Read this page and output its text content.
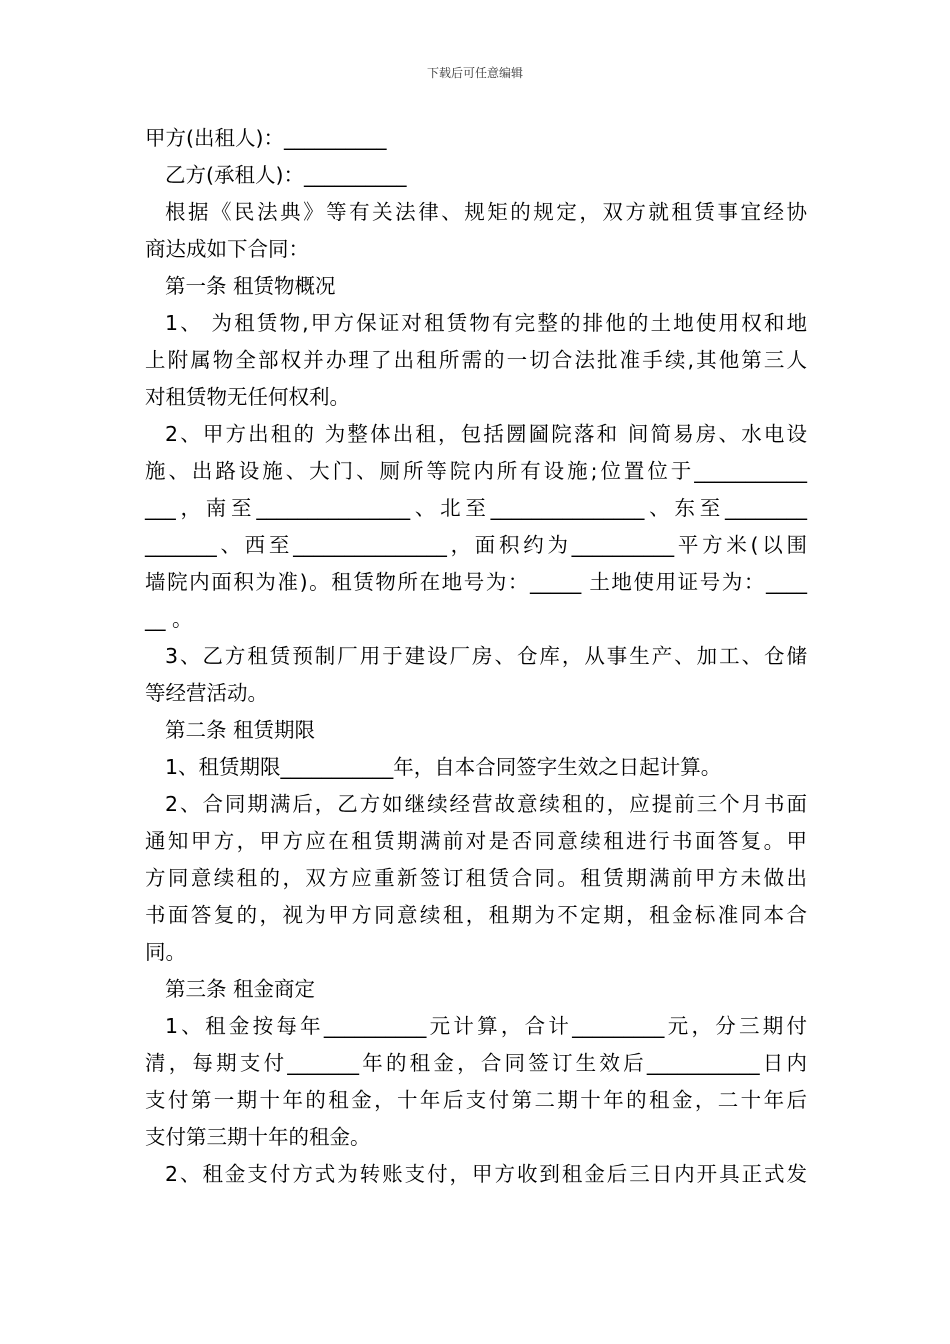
下载后可任意编辑
甲方(出租人)：__________
乙方(承租人)：__________
根据《民法典》等有关法律、规矩的规定，双方就租赁事宜经协
商达成如下合同：
第一条 租赁物概况
1、 为租赁物,甲方保证对租赁物有完整的排他的土地使用权和地
上附属物全部权并办理了出租所需的一切合法批准手续,其他第三人
对租赁物无任何权利。
2、甲方出租的 为整体出租，包括圐圙院落和 间简易房、水电设
施、出路设施、大门、厕所等院内所有设施;位置位于___________
___，南至_______________、北至_______________、东至________
_______、西至_______________，面积约为__________平方米(以围
墙院内面积为准)。租赁物所在地号为：_____ 土地使用证号为：____
__ 。
3、乙方租赁预制厂用于建设厂房、仓库，从事生产、加工、仓储
等经营活动。
第二条 租赁期限
1、租赁期限___________年，自本合同签字生效之日起计算。
2、合同期满后，乙方如继续经营故意续租的，应提前三个月书面
通知甲方，甲方应在租赁期满前对是否同意续租进行书面答复。甲
方同意续租的，双方应重新签订租赁合同。租赁期满前甲方未做出
书面答复的，视为甲方同意续租，租期为不定期，租金标准同本合
同。
第三条 租金商定
1、租金按每年__________元计算，合计_________元，分三期付
清，每期支付_______年的租金，合同签订生效后___________日内
支付第一期十年的租金，十年后支付第二期十年的租金，二十年后
支付第三期十年的租金。
2、租金支付方式为转账支付，甲方收到租金后三日内开具正式发
